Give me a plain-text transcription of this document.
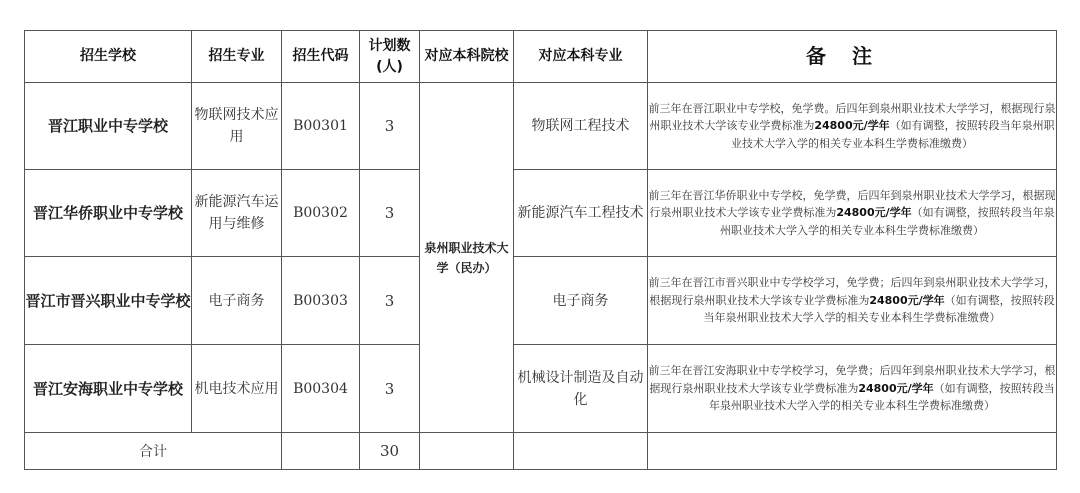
招生学校	招生专业	招生代码	计划数(人)	对应本科院校	对应本科专业	备注
晋江职业中专学校	物联网技术应用	B00301	3	泉州职业技术大学（民办）	物联网工程技术	前三年在晋江职业中专学校，免学费。后四年到泉州职业技术大学学习，根据现行泉州职业技术大学该专业学费标准为24800元/学年（如有调整，按照转段当年泉州职业技术大学入学的相关专业本科生学费标准缴费）
晋江华侨职业中专学校	新能源汽车运用与维修	B00302	3		新能源汽车工程技术	前三年在晋江华侨职业中专学校，免学费，后四年到泉州职业技术大学学习，根据现行泉州职业技术大学该专业学费标准为24800元/学年（如有调整，按照转段当年泉州职业技术大学入学的相关专业本科生学费标准缴费）
晋江市晋兴职业中专学校	电子商务	B00303	3		电子商务	前三年在晋江市晋兴职业中专学校学习，免学费；后四年到泉州职业技术大学学习，根据现行泉州职业技术大学该专业学费标准为24800元/学年（如有调整，按照转段当年泉州职业技术大学入学的相关专业本科生学费标准缴费）
晋江安海职业中专学校	机电技术应用	B00304	3		机械设计制造及自动化	前三年在晋江安海职业中专学校学习，免学费；后四年到泉州职业技术大学学习，根据现行泉州职业技术大学该专业学费标准为24800元/学年（如有调整，按照转段当年泉州职业技术大学入学的相关专业本科生学费标准缴费）
合计			30			
